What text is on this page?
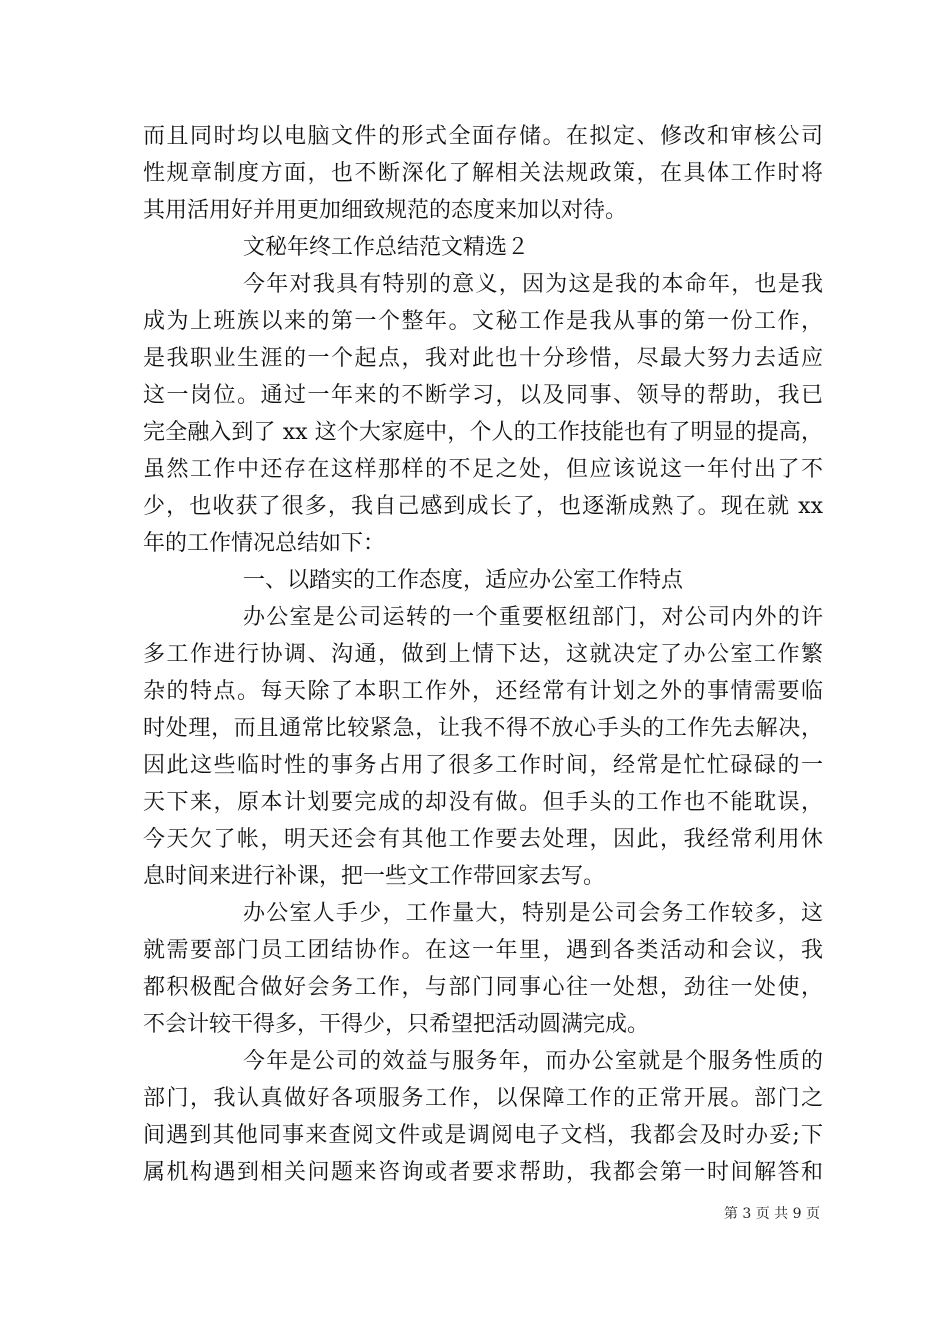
而且同时均以电脑文件的形式全面存储。在拟定、修改和审核公司
性规章制度方面，也不断深化了解相关法规政策，在具体工作时将
其用活用好并用更加细致规范的态度来加以对待。
文秘年终工作总结范文精选２
今年对我具有特别的意义，因为这是我的本命年，也是我
成为上班族以来的第一个整年。文秘工作是我从事的第一份工作，
是我职业生涯的一个起点，我对此也十分珍惜，尽最大努力去适应
这一岗位。通过一年来的不断学习，以及同事、领导的帮助，我已
完全融入到了 xx 这个大家庭中，个人的工作技能也有了明显的提高，
虽然工作中还存在这样那样的不足之处，但应该说这一年付出了不
少，也收获了很多，我自己感到成长了，也逐渐成熟了。现在就 xx
年的工作情况总结如下：
一、以踏实的工作态度，适应办公室工作特点
办公室是公司运转的一个重要枢纽部门，对公司内外的许
多工作进行协调、沟通，做到上情下达，这就决定了办公室工作繁
杂的特点。每天除了本职工作外，还经常有计划之外的事情需要临
时处理，而且通常比较紧急，让我不得不放心手头的工作先去解决，
因此这些临时性的事务占用了很多工作时间，经常是忙忙碌碌的一
天下来，原本计划要完成的却没有做。但手头的工作也不能耽误，
今天欠了帐，明天还会有其他工作要去处理，因此，我经常利用休
息时间来进行补课，把一些文工作带回家去写。
办公室人手少，工作量大，特别是公司会务工作较多，这
就需要部门员工团结协作。在这一年里，遇到各类活动和会议，我
都积极配合做好会务工作，与部门同事心往一处想，劲往一处使，
不会计较干得多，干得少，只希望把活动圆满完成。
今年是公司的效益与服务年，而办公室就是个服务性质的
部门，我认真做好各项服务工作，以保障工作的正常开展。部门之
间遇到其他同事来查阅文件或是调阅电子文档，我都会及时办妥;下
属机构遇到相关问题来咨询或者要求帮助，我都会第一时间解答和
第 3 页 共 9 页
